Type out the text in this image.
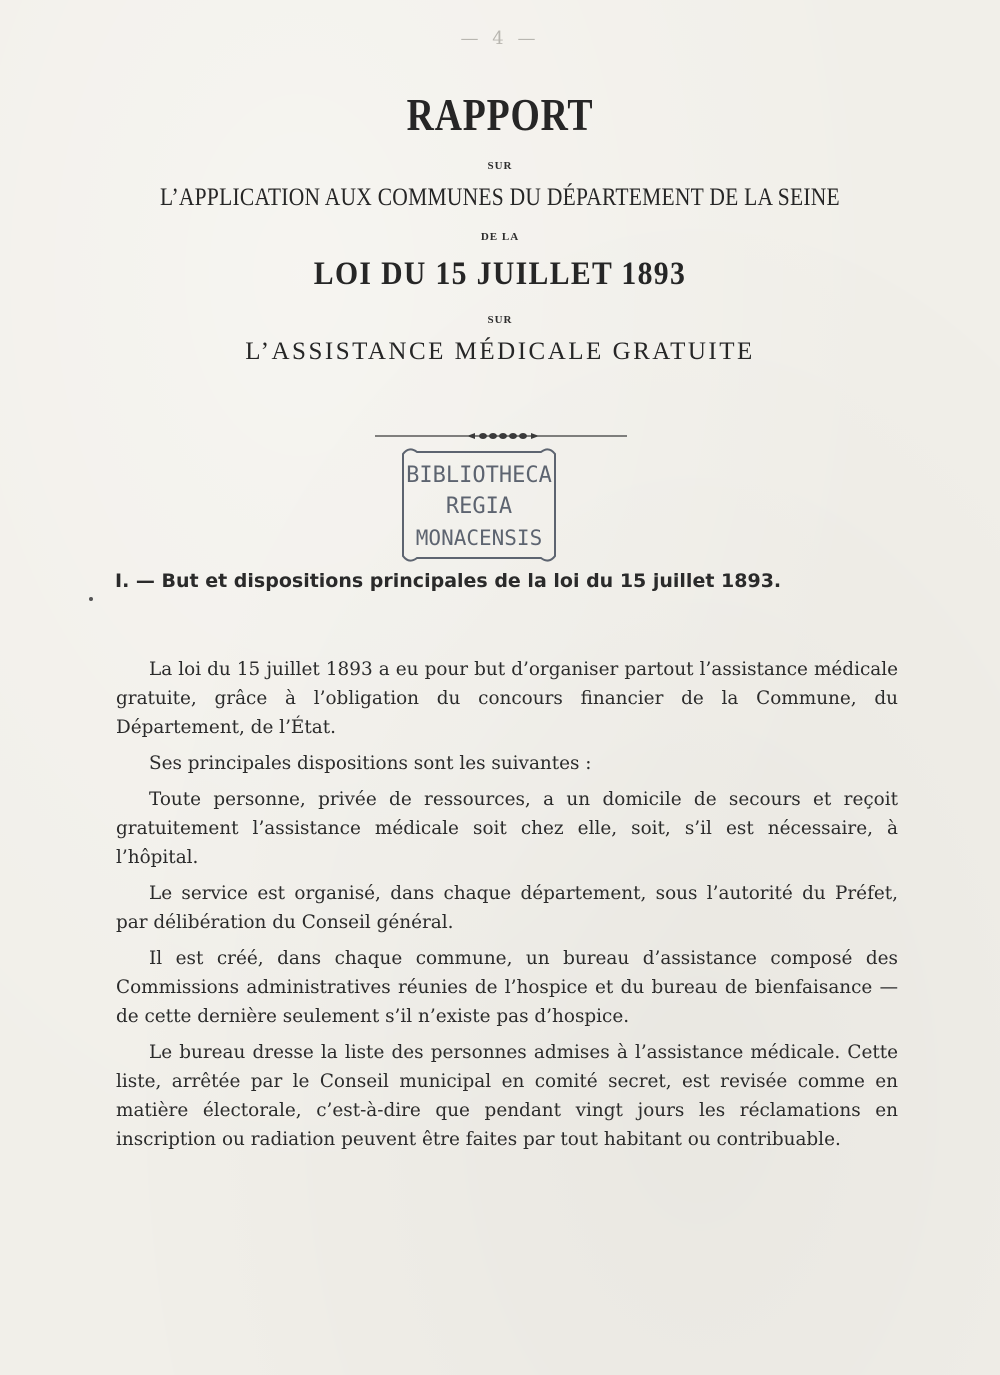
— 4 —
RAPPORT
SUR
L’APPLICATION AUX COMMUNES DU DÉPARTEMENT DE LA SEINE
DE LA
LOI DU 15 JUILLET 1893
SUR
L’ASSISTANCE MÉDICALE GRATUITE
BIBLIOTHECA
REGIA
MONACENSIS
I. — But et dispositions principales de la loi du 15 juillet 1893.

La loi du 15 juillet 1893 a eu pour but d’organiser partout l’assistance médicale gratuite, grâce à l’obligation du concours financier de la Commune, du Département, de l’État.

Ses principales dispositions sont les suivantes :

Toute personne, privée de ressources, a un domicile de secours et reçoit gratuitement l’assistance médicale soit chez elle, soit, s’il est nécessaire, à l’hôpital.

Le service est organisé, dans chaque département, sous l’autorité du Préfet, par délibération du Conseil général.

Il est créé, dans chaque commune, un bureau d’assistance composé des Commissions administratives réunies de l’hospice et du bureau de bienfaisance — de cette dernière seulement s’il n’existe pas d’hospice.

Le bureau dresse la liste des personnes admises à l’assistance médicale. Cette liste, arrêtée par le Conseil municipal en comité secret, est revisée comme en matière électorale, c’est-à-dire que pendant vingt jours les réclamations en inscription ou radiation peuvent être faites par tout habitant ou contribuable.
